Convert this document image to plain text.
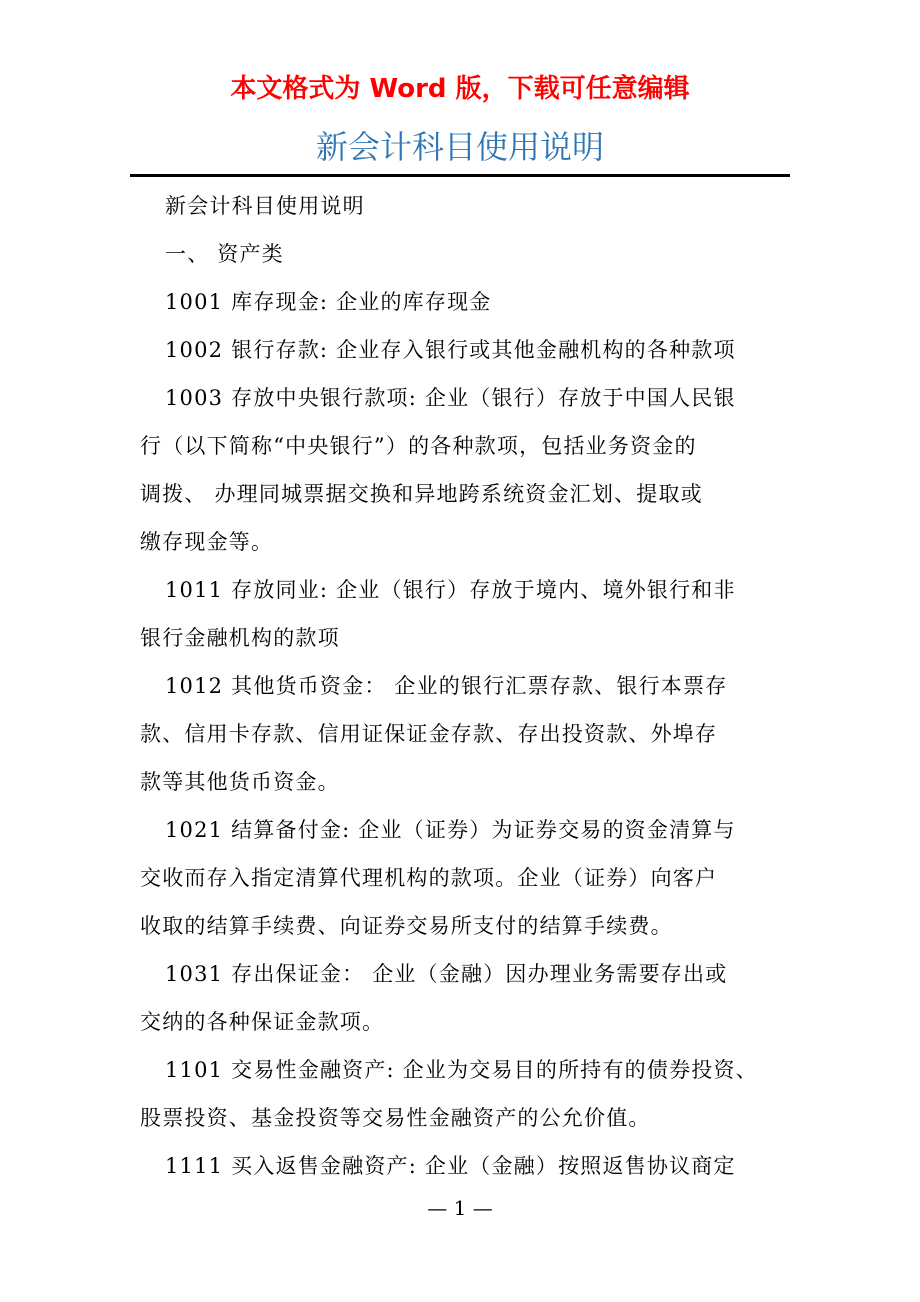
本文格式为 Word 版，下载可任意编辑
新会计科目使用说明
新会计科目使用说明
一、 资产类
1001 库存现金: 企业的库存现金
1002 银行存款: 企业存入银行或其他金融机构的各种款项
1003 存放中央银行款项: 企业（银行）存放于中国人民银
行（以下简称“中央银行”）的各种款项，包括业务资金的
调拨、 办理同城票据交换和异地跨系统资金汇划、提取或
缴存现金等。
1011 存放同业: 企业（银行）存放于境内、境外银行和非
银行金融机构的款项
1012 其他货币资金： 企业的银行汇票存款、银行本票存
款、信用卡存款、信用证保证金存款、存出投资款、外埠存
款等其他货币资金。
1021 结算备付金: 企业（证券）为证券交易的资金清算与
交收而存入指定清算代理机构的款项。企业（证券）向客户
收取的结算手续费、向证券交易所支付的结算手续费。
1031 存出保证金： 企业（金融）因办理业务需要存出或
交纳的各种保证金款项。
1101 交易性金融资产: 企业为交易目的所持有的债券投资、
股票投资、基金投资等交易性金融资产的公允价值。
1111 买入返售金融资产: 企业（金融）按照返售协议商定
— 1 —
